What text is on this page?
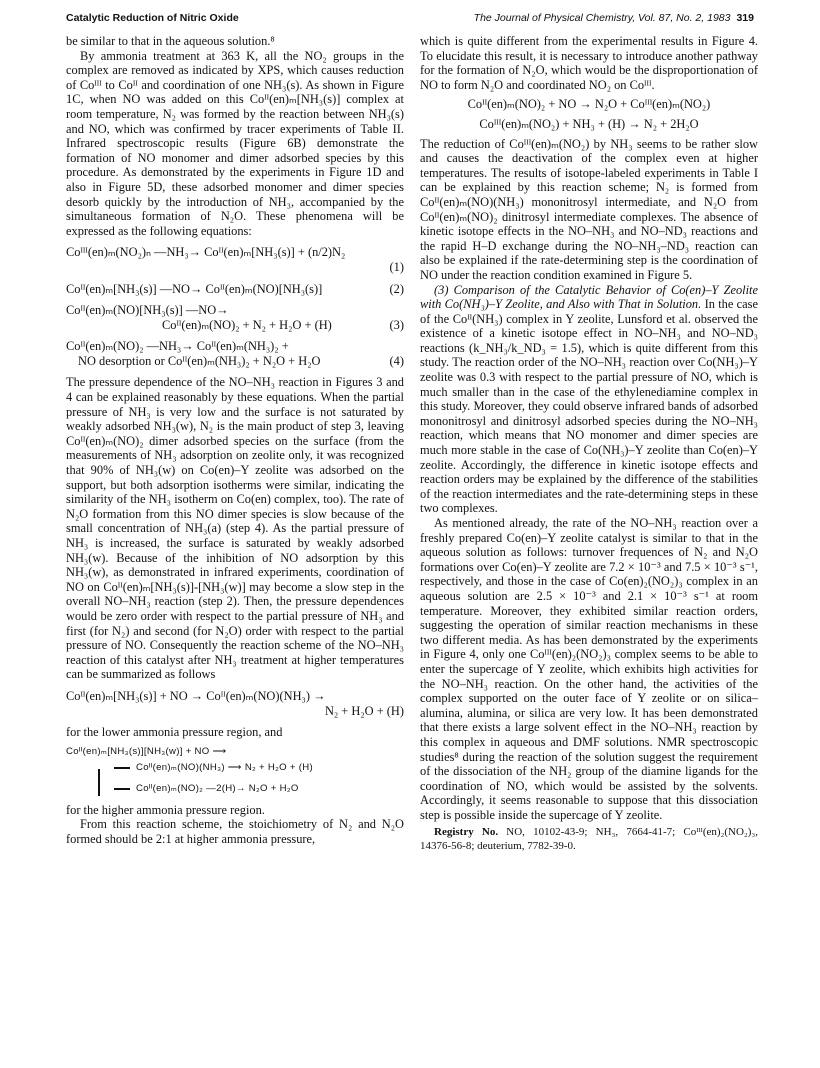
Catalytic Reduction of Nitric Oxide	The Journal of Physical Chemistry, Vol. 87, No. 2, 1983 319

be similar to that in the aqueous solution.⁸

By ammonia treatment at 363 K, all the NO₂ groups in the complex are removed as indicated by XPS, which causes reduction of Coᴵᴵᴵ to Coᴵᴵ and coordination of one NH₃(s). As shown in Figure 1C, when NO was added on this Coᴵᴵ(en)ₘ[NH₃(s)] complex at room temperature, N₂ was formed by the reaction between NH₃(s) and NO, which was confirmed by tracer experiments of Table II. Infrared spectroscopic results (Figure 6B) demonstrate the formation of NO monomer and dimer adsorbed species by this procedure. As demonstrated by the experiments in Figure 1D and also in Figure 5D, these adsorbed monomer and dimer species desorb quickly by the introduction of NH₃, accompanied by the simultaneous formation of N₂O. These phenomena will be expressed as the following equations:

Coᴵᴵᴵ(en)ₘ(NO₂)ₙ —NH₃→ Coᴵᴵ(en)ₘ[NH₃(s)] + (n/2)N₂
(1)
Coᴵᴵ(en)ₘ[NH₃(s)] —NO→ Coᴵᴵ(en)ₘ(NO)[NH₃(s)]	(2)
Coᴵᴵ(en)ₘ(NO)[NH₃(s)] —NO→
Coᴵᴵ(en)ₘ(NO)₂ + N₂ + H₂O + (H)	(3)
Coᴵᴵ(en)ₘ(NO)₂ —NH₃→ Coᴵᴵ(en)ₘ(NH₃)₂ +
NO desorption or Coᴵᴵ(en)ₘ(NH₃)₂ + N₂O + H₂O	(4)

The pressure dependence of the NO–NH₃ reaction in Figures 3 and 4 can be explained reasonably by these equations. When the partial pressure of NH₃ is very low and the surface is not saturated by weakly adsorbed NH₃(w), N₂ is the main product of step 3, leaving Coᴵᴵ(en)ₘ(NO)₂ dimer adsorbed species on the surface (from the measurements of NH₃ adsorption on zeolite only, it was recognized that 90% of NH₃(w) on Co(en)–Y zeolite was adsorbed on the support, but both adsorption isotherms were similar, indicating the similarity of the NH₃ isotherm on Co(en) complex, too). The rate of N₂O formation from this NO dimer species is slow because of the small concentration of NH₃(a) (step 4). As the partial pressure of NH₃ is increased, the surface is saturated by weakly adsorbed NH₃(w). Because of the inhibition of NO adsorption by this NH₃(w), as demonstrated in infrared experiments, coordination of NO on Coᴵᴵ(en)ₘ[NH₃(s)]-[NH₃(w)] may become a slow step in the overall NO–NH₃ reaction (step 2). Then, the pressure dependences would be zero order with respect to the partial pressure of NH₃ and first (for N₂) and second (for N₂O) order with respect to the partial pressure of NO. Consequently the reaction scheme of the NO–NH₃ reaction of this catalyst after NH₃ treatment at higher temperatures can be summarized as follows

Coᴵᴵ(en)ₘ[NH₃(s)] + NO → Coᴵᴵ(en)ₘ(NO)(NH₃) →
N₂ + H₂O + (H)

for the lower ammonia pressure region, and

Coᴵᴵ(en)ₘ[NH₃(s)][NH₃(w)] + NO ⟶
Coᴵᴵ(en)ₘ(NO)(NH₃) ⟶ N₂ + H₂O + (H)
Coᴵᴵ(en)ₘ(NO)₂ —2(H)→ N₂O + H₂O

for the higher ammonia pressure region.

From this reaction scheme, the stoichiometry of N₂ and N₂O formed should be 2:1 at higher ammonia pressure,

which is quite different from the experimental results in Figure 4. To elucidate this result, it is necessary to introduce another pathway for the formation of N₂O, which would be the disproportionation of NO to form N₂O and coordinated NO₂ on Coᴵᴵᴵ.

Coᴵᴵ(en)ₘ(NO)₂ + NO → N₂O + Coᴵᴵᴵ(en)ₘ(NO₂)
Coᴵᴵᴵ(en)ₘ(NO₂) + NH₃ + (H) → N₂ + 2H₂O

The reduction of Coᴵᴵᴵ(en)ₘ(NO₂) by NH₃ seems to be rather slow and causes the deactivation of the complex even at higher temperatures. The results of isotope-labeled experiments in Table I can be explained by this reaction scheme; N₂ is formed from Coᴵᴵ(en)ₘ(NO)(NH₃) mononitrosyl intermediate, and N₂O from Coᴵᴵ(en)ₘ(NO)₂ dinitrosyl intermediate complexes. The absence of kinetic isotope effects in the NO–NH₃ and NO–ND₃ reactions and the rapid H–D exchange during the NO–NH₃–ND₃ reaction can also be explained if the rate-determining step is the coordination of NO under the reaction condition examined in Figure 5.

(3) Comparison of the Catalytic Behavior of Co(en)–Y Zeolite with Co(NH₃)–Y Zeolite, and Also with That in Solution. In the case of the Coᴵᴵ(NH₃) complex in Y zeolite, Lunsford et al. observed the existence of a kinetic isotope effect in NO–NH₃ and NO–ND₃ reactions (k_NH₃/k_ND₃ = 1.5), which is quite different from this study. The reaction order of the NO–NH₃ reaction over Co(NH₃)–Y zeolite was 0.3 with respect to the partial pressure of NO, which is much smaller than in the case of the ethylenediamine complex in this study. Moreover, they could observe infrared bands of adsorbed mononitrosyl and dinitrosyl adsorbed species during the NO–NH₃ reaction, which means that NO monomer and dimer species are much more stable in the case of Co(NH₃)–Y zeolite than Co(en)–Y zeolite. Accordingly, the difference in kinetic isotope effects and reaction orders may be explained by the difference of the stabilities of the reaction intermediates and the rate-determining steps in these two complexes.

As mentioned already, the rate of the NO–NH₃ reaction over a freshly prepared Co(en)–Y zeolite catalyst is similar to that in the aqueous solution as follows: turnover frequences of N₂ and N₂O formations over Co(en)–Y zeolite are 7.2 × 10⁻³ and 7.5 × 10⁻³ s⁻¹, respectively, and those in the case of Co(en)₂(NO₂)₃ complex in an aqueous solution are 2.5 × 10⁻³ and 2.1 × 10⁻³ s⁻¹ at room temperature. Moreover, they exhibited similar reaction orders, suggesting the operation of similar reaction mechanisms in these two different media. As has been demonstrated by the experiments in Figure 4, only one Coᴵᴵᴵ(en)₂(NO₂)₃ complex seems to be able to enter the supercage of Y zeolite, which exhibits high activities for the NO–NH₃ reaction. On the other hand, the activities of the complex supported on the outer face of Y zeolite or on silica–alumina, alumina, or silica are very low. It has been demonstrated that there exists a large solvent effect in the NO–NH₃ reaction by this complex in aqueous and DMF solutions. NMR spectroscopic studies⁸ during the reaction of the solution suggest the requirement of the dissociation of the NH₂ group of the diamine ligands for the coordination of NO, which would be assisted by the solvents. Accordingly, it seems reasonable to suppose that this dissociation step is possible inside the supercage of Y zeolite.

Registry No. NO, 10102-43-9; NH₃, 7664-41-7; Coᴵᴵᴵ(en)₂(NO₂)₃, 14376-56-8; deuterium, 7782-39-0.
